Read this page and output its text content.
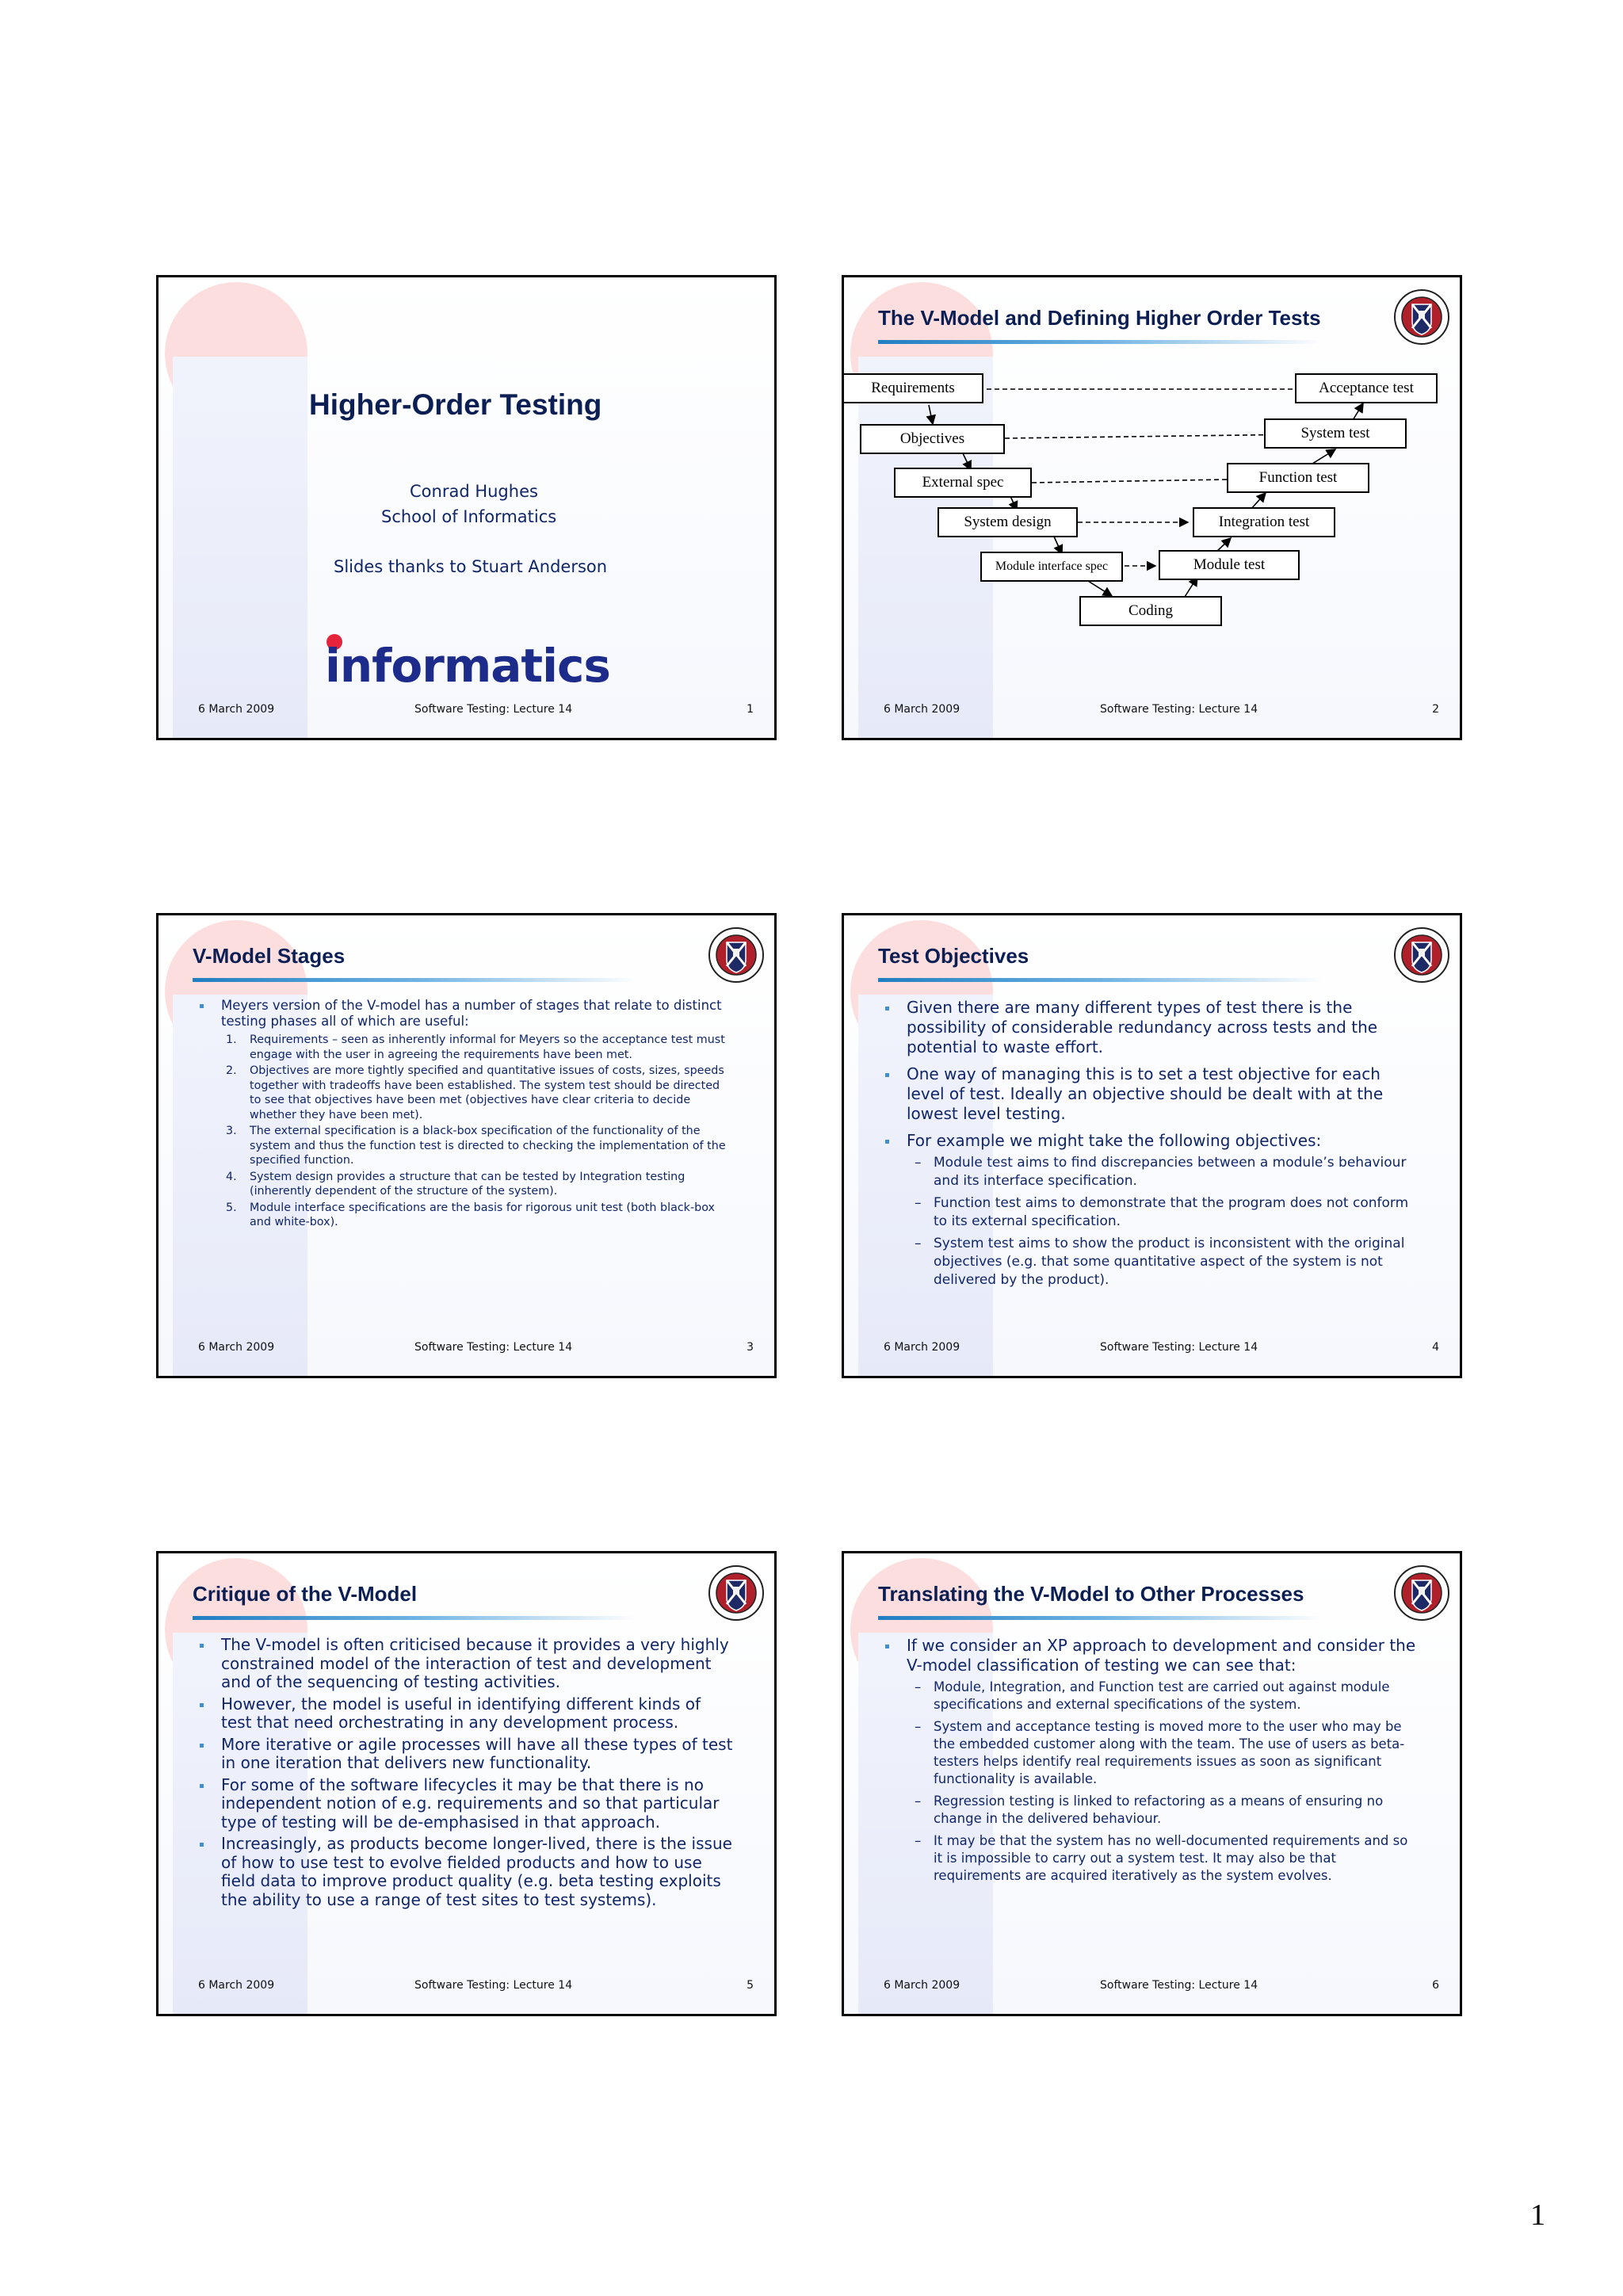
Higher-Order Testing
Conrad Hughes
School of Informatics
Slides thanks to Stuart Anderson
informatics
6 March 2009	Software Testing: Lecture 14	1
The V-Model and Defining Higher Order Tests
Requirements
Objectives
External spec
System design
Module interface spec
Acceptance test
System test
Function test
Integration test
Module test
Coding
6 March 2009	Software Testing: Lecture 14	2
V-Model Stages
Meyers version of the V-model has a number of stages that relate to distinct testing phases all of which are useful:
1. Requirements – seen as inherently informal for Meyers so the acceptance test must engage with the user in agreeing the requirements have been met.
2. Objectives are more tightly specified and quantitative issues of costs, sizes, speeds together with tradeoffs have been established. The system test should be directed to see that objectives have been met (objectives have clear criteria to decide whether they have been met).
3. The external specification is a black-box specification of the functionality of the system and thus the function test is directed to checking the implementation of the specified function.
4. System design provides a structure that can be tested by Integration testing (inherently dependent of the structure of the system).
5. Module interface specifications are the basis for rigorous unit test (both black-box and white-box).
6 March 2009	Software Testing: Lecture 14	3
Test Objectives
Given there are many different types of test there is the possibility of considerable redundancy across tests and the potential to waste effort.
One way of managing this is to set a test objective for each level of test. Ideally an objective should be dealt with at the lowest level testing.
For example we might take the following objectives:
– Module test aims to find discrepancies between a module’s behaviour and its interface specification.
– Function test aims to demonstrate that the program does not conform to its external specification.
– System test aims to show the product is inconsistent with the original objectives (e.g. that some quantitative aspect of the system is not delivered by the product).
6 March 2009	Software Testing: Lecture 14	4
Critique of the V-Model
The V-model is often criticised because it provides a very highly constrained model of the interaction of test and development and of the sequencing of testing activities.
However, the model is useful in identifying different kinds of test that need orchestrating in any development process.
More iterative or agile processes will have all these types of test in one iteration that delivers new functionality.
For some of the software lifecycles it may be that there is no independent notion of e.g. requirements and so that particular type of testing will be de-emphasised in that approach.
Increasingly, as products become longer-lived, there is the issue of how to use test to evolve fielded products and how to use field data to improve product quality (e.g. beta testing exploits the ability to use a range of test sites to test systems).
6 March 2009	Software Testing: Lecture 14	5
Translating the V-Model to Other Processes
If we consider an XP approach to development and consider the V-model classification of testing we can see that:
– Module, Integration, and Function test are carried out against module specifications and external specifications of the system.
– System and acceptance testing is moved more to the user who may be the embedded customer along with the team. The use of users as beta-testers helps identify real requirements issues as soon as significant functionality is available.
– Regression testing is linked to refactoring as a means of ensuring no change in the delivered behaviour.
– It may be that the system has no well-documented requirements and so it is impossible to carry out a system test. It may also be that requirements are acquired iteratively as the system evolves.
6 March 2009	Software Testing: Lecture 14	6
1
